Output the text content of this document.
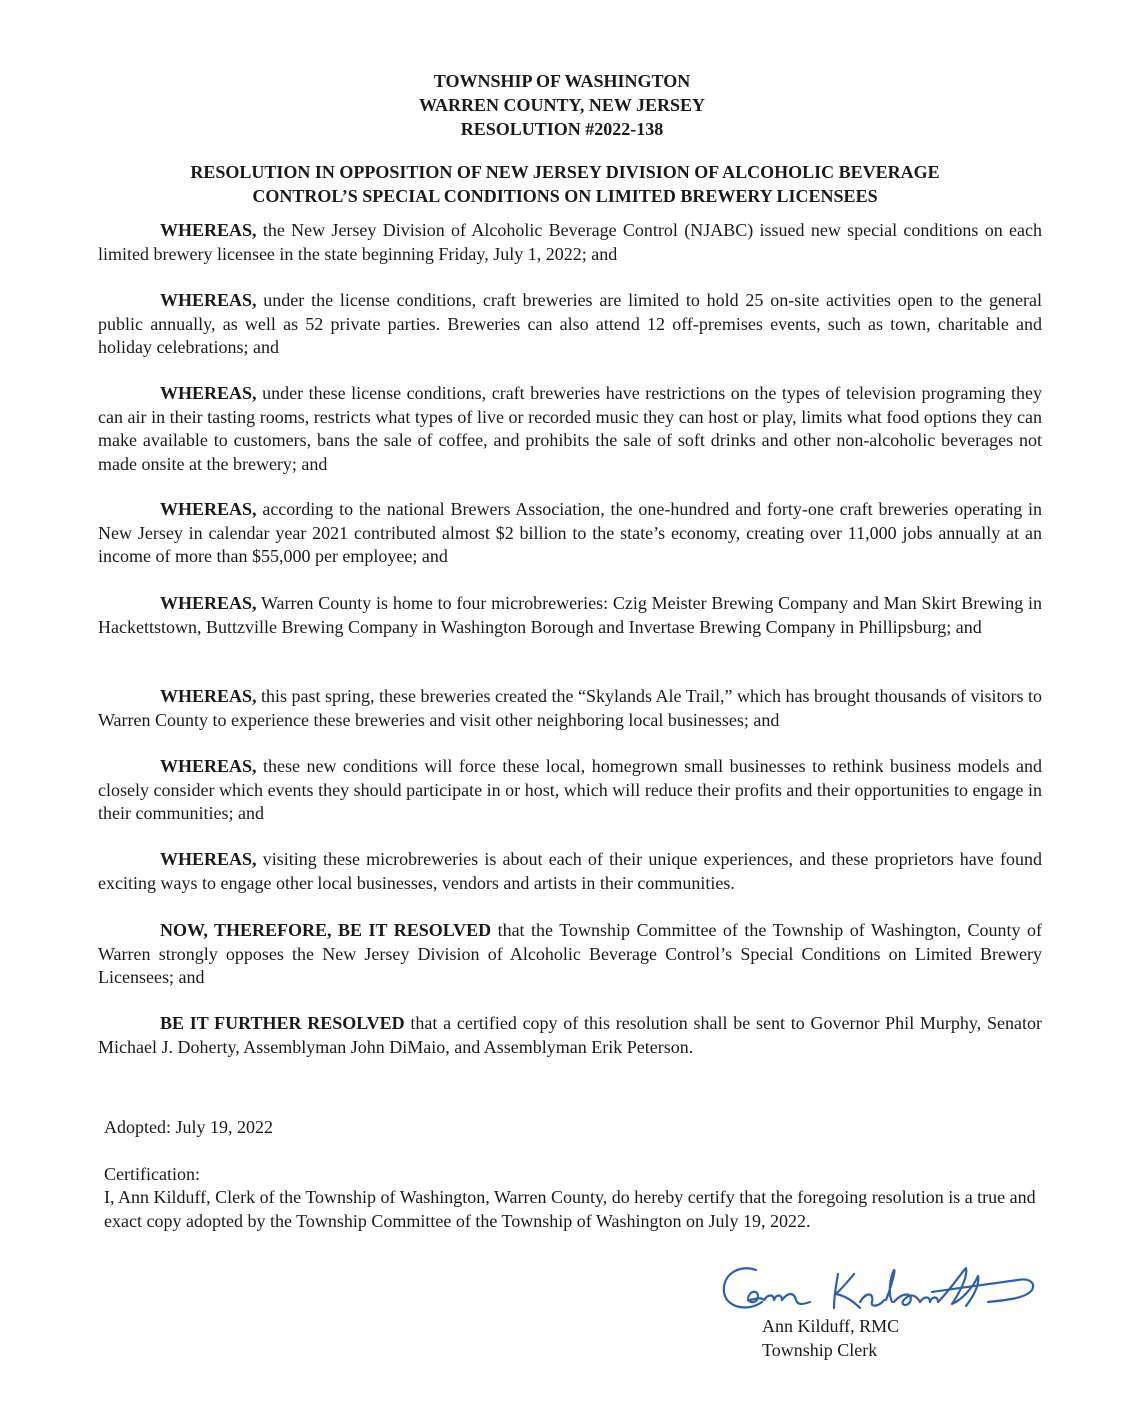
TOWNSHIP OF WASHINGTON
WARREN COUNTY, NEW JERSEY
RESOLUTION #2022-138
RESOLUTION IN OPPOSITION OF NEW JERSEY DIVISION OF ALCOHOLIC BEVERAGE
CONTROL’S SPECIAL CONDITIONS ON LIMITED BREWERY LICENSEES

WHEREAS, the New Jersey Division of Alcoholic Beverage Control (NJABC) issued new special conditions on each limited brewery licensee in the state beginning Friday, July 1, 2022; and

WHEREAS, under the license conditions, craft breweries are limited to hold 25 on-site activities open to the general public annually, as well as 52 private parties. Breweries can also attend 12 off-premises events, such as town, charitable and holiday celebrations; and

WHEREAS, under these license conditions, craft breweries have restrictions on the types of television programing they can air in their tasting rooms, restricts what types of live or recorded music they can host or play, limits what food options they can make available to customers, bans the sale of coffee, and prohibits the sale of soft drinks and other non-alcoholic beverages not made onsite at the brewery; and

WHEREAS, according to the national Brewers Association, the one-hundred and forty-one craft breweries operating in New Jersey in calendar year 2021 contributed almost $2 billion to the state’s economy, creating over 11,000 jobs annually at an income of more than $55,000 per employee; and

WHEREAS, Warren County is home to four microbreweries: Czig Meister Brewing Company and Man Skirt Brewing in Hackettstown, Buttzville Brewing Company in Washington Borough and Invertase Brewing Company in Phillipsburg; and

WHEREAS, this past spring, these breweries created the “Skylands Ale Trail,” which has brought thousands of visitors to Warren County to experience these breweries and visit other neighboring local businesses; and

WHEREAS, these new conditions will force these local, homegrown small businesses to rethink business models and closely consider which events they should participate in or host, which will reduce their profits and their opportunities to engage in their communities; and

WHEREAS, visiting these microbreweries is about each of their unique experiences, and these proprietors have found exciting ways to engage other local businesses, vendors and artists in their communities.

NOW, THEREFORE, BE IT RESOLVED that the Township Committee of the Township of Washington, County of Warren strongly opposes the New Jersey Division of Alcoholic Beverage Control’s Special Conditions on Limited Brewery Licensees; and

BE IT FURTHER RESOLVED that a certified copy of this resolution shall be sent to Governor Phil Murphy, Senator Michael J. Doherty, Assemblyman John DiMaio, and Assemblyman Erik Peterson.

Adopted: July 19, 2022
Certification:

I, Ann Kilduff, Clerk of the Township of Washington, Warren County, do hereby certify that the foregoing resolution is a true and exact copy adopted by the Township Committee of the Township of Washington on July 19, 2022.

Ann Kilduff, RMC
Township Clerk
